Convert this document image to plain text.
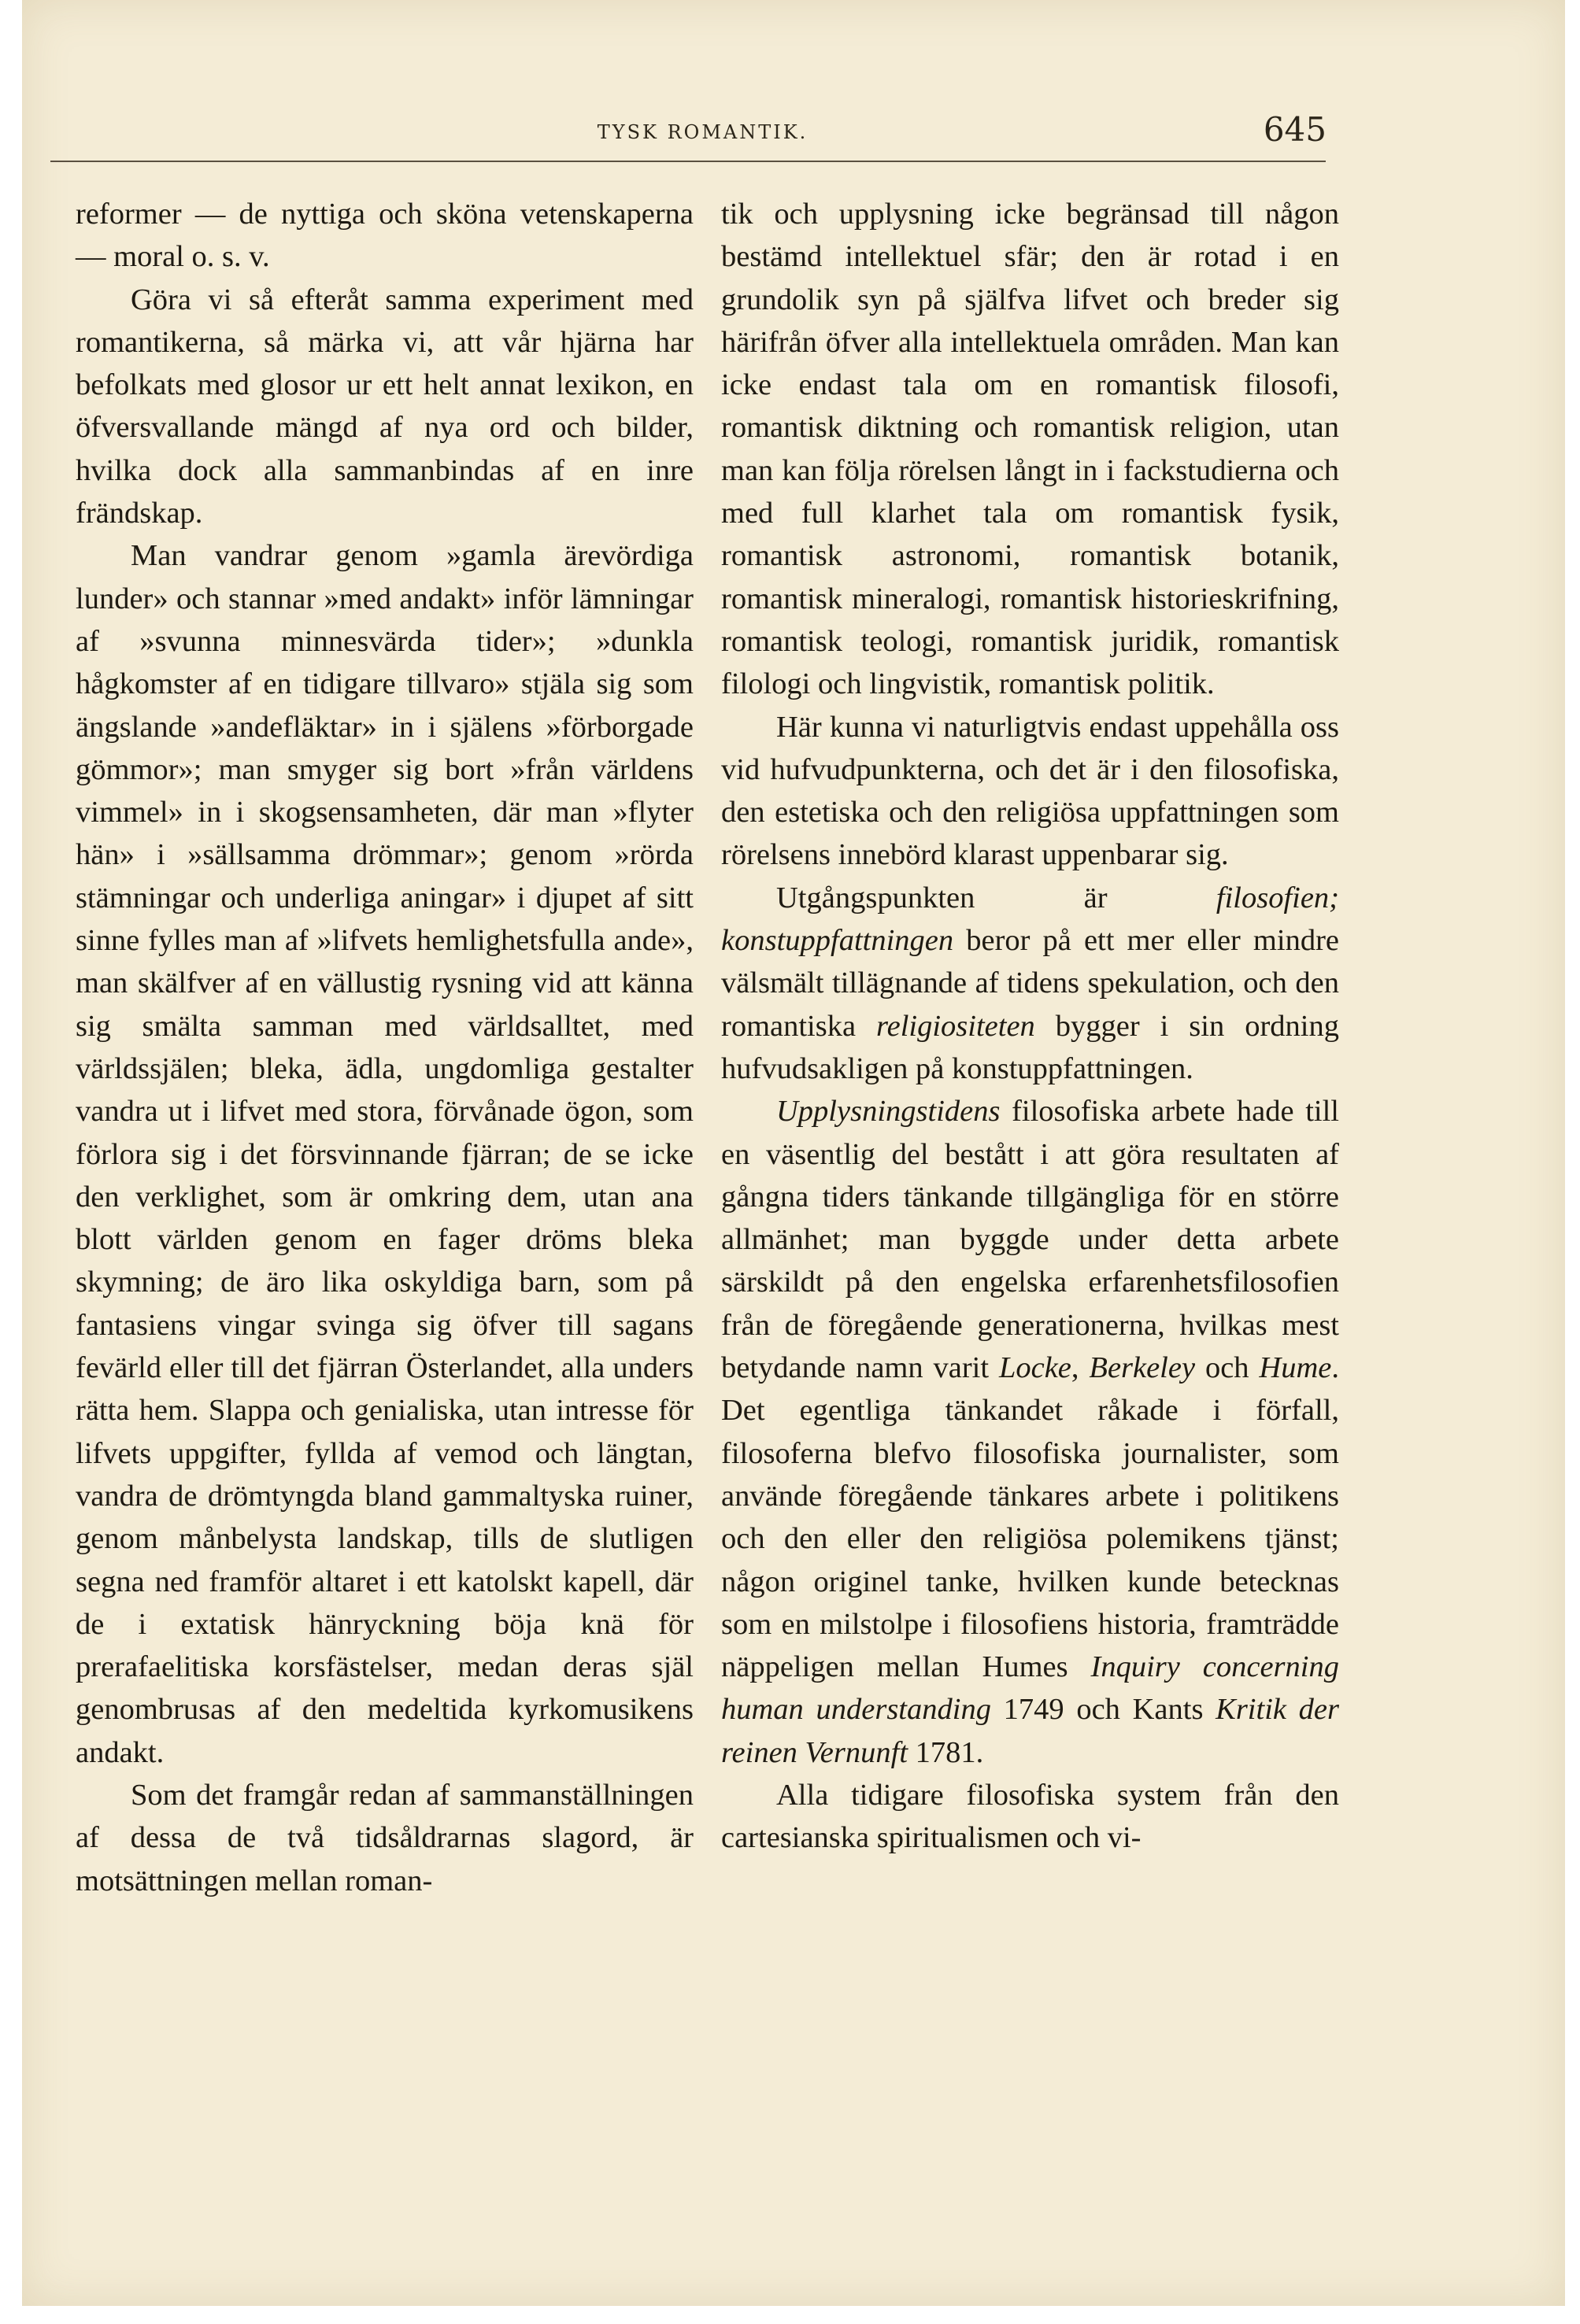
TYSK ROMANTIK.	645

reformer — de nyttiga och sköna vetenskaperna — moral o. s. v.

Göra vi så efteråt samma experiment med romantikerna, så märka vi, att vår hjärna har befolkats med glosor ur ett helt annat lexikon, en öfversvallande mängd af nya ord och bilder, hvilka dock alla sammanbindas af en inre frändskap.

Man vandrar genom »gamla ärevördiga lunder» och stannar »med andakt» inför lämningar af »svunna minnesvärda tider»; »dunkla hågkomster af en tidigare tillvaro» stjäla sig som ängslande »andefläktar» in i själens »förborgade gömmor»; man smyger sig bort »från världens vimmel» in i skogsensamheten, där man »flyter hän» i »sällsamma drömmar»; genom »rörda stämningar och underliga aningar» i djupet af sitt sinne fylles man af »lifvets hemlighetsfulla ande», man skälfver af en vällustig rysning vid att känna sig smälta samman med världsalltet, med världssjälen; bleka, ädla, ungdomliga gestalter vandra ut i lifvet med stora, förvånade ögon, som förlora sig i det försvinnande fjärran; de se icke den verklighet, som är omkring dem, utan ana blott världen genom en fager dröms bleka skymning; de äro lika oskyldiga barn, som på fantasiens vingar svinga sig öfver till sagans fevärld eller till det fjärran Österlandet, alla unders rätta hem. Slappa och genialiska, utan intresse för lifvets uppgifter, fyllda af vemod och längtan, vandra de drömtyngda bland gammaltyska ruiner, genom månbelysta landskap, tills de slutligen segna ned framför altaret i ett katolskt kapell, där de i extatisk hänryckning böja knä för prerafaelitiska korsfästelser, medan deras själ genombrusas af den medeltida kyrkomusikens andakt.

Som det framgår redan af sammanställningen af dessa de två tidsåldrarnas slagord, är motsättningen mellan roman-

tik och upplysning icke begränsad till någon bestämd intellektuel sfär; den är rotad i en grundolik syn på själfva lifvet och breder sig härifrån öfver alla intellektuela områden. Man kan icke endast tala om en romantisk filosofi, romantisk diktning och romantisk religion, utan man kan följa rörelsen långt in i fackstudierna och med full klarhet tala om romantisk fysik, romantisk astronomi, romantisk botanik, romantisk mineralogi, romantisk historieskrifning, romantisk teologi, romantisk juridik, romantisk filologi och lingvistik, romantisk politik.

Här kunna vi naturligtvis endast uppehålla oss vid hufvudpunkterna, och det är i den filosofiska, den estetiska och den religiösa uppfattningen som rörelsens innebörd klarast uppenbarar sig.

Utgångspunkten är filosofien; konstuppfattningen beror på ett mer eller mindre välsmält tillägnande af tidens spekulation, och den romantiska religiositeten bygger i sin ordning hufvudsakligen på konstuppfattningen.

Upplysningstidens filosofiska arbete hade till en väsentlig del bestått i att göra resultaten af gångna tiders tänkande tillgängliga för en större allmänhet; man byggde under detta arbete särskildt på den engelska erfarenhetsfilosofien från de föregående generationerna, hvilkas mest betydande namn varit Locke, Berkeley och Hume. Det egentliga tänkandet råkade i förfall, filosoferna blefvo filosofiska journalister, som använde föregående tänkares arbete i politikens och den eller den religiösa polemikens tjänst; någon originel tanke, hvilken kunde betecknas som en milstolpe i filosofiens historia, framträdde näppeligen mellan Humes Inquiry concerning human understanding 1749 och Kants Kritik der reinen Vernunft 1781.

Alla tidigare filosofiska system från den cartesianska spiritualismen och vi-
